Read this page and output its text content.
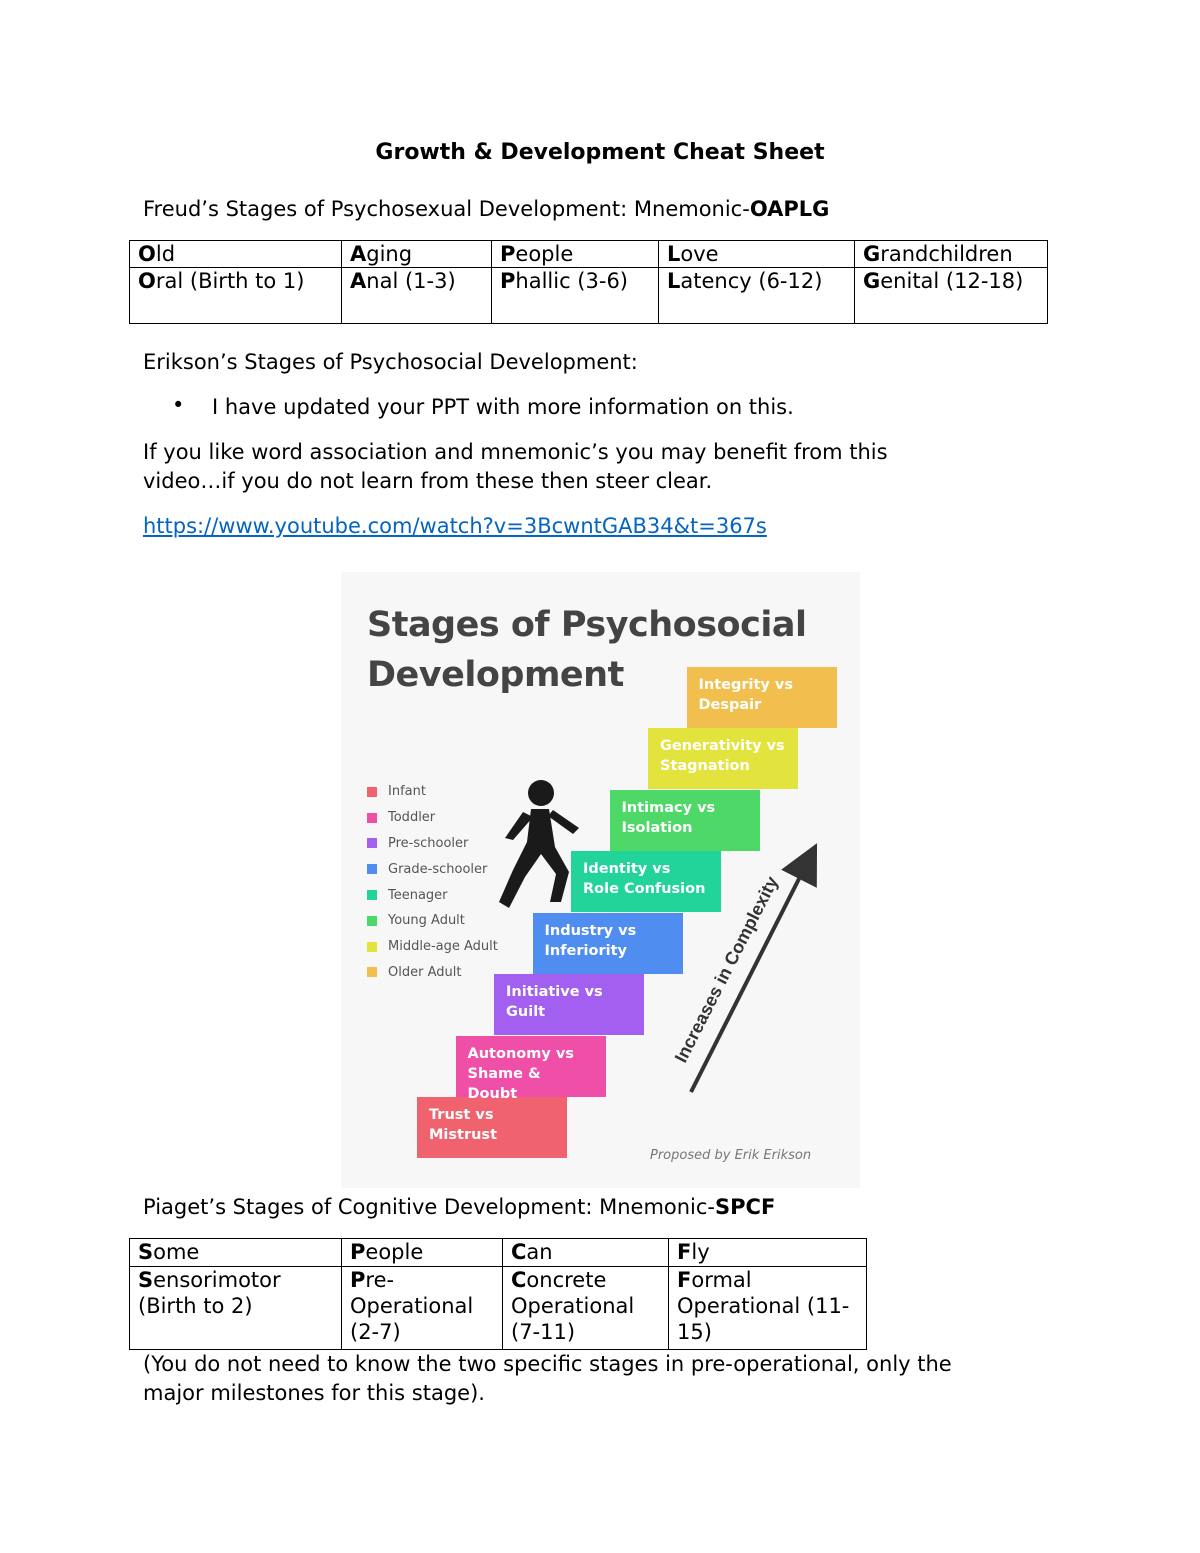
Growth & Development Cheat Sheet
Freud’s Stages of Psychosexual Development: Mnemonic-OAPLG
Old	Aging	People	Love	Grandchildren
Oral (Birth to 1)	Anal (1-3)	Phallic (3-6)	Latency (6-12)	Genital (12-18)
Erikson’s Stages of Psychosocial Development:
• I have updated your PPT with more information on this.
If you like word association and mnemonic’s you may benefit from this
video…if you do not learn from these then steer clear.
https://www.youtube.com/watch?v=3BcwntGAB34&t=367s
Stages of Psychosocial
Development
Infant
Toddler
Pre-schooler
Grade-schooler
Teenager
Young Adult
Middle-age Adult
Older Adult
Trust vs
Mistrust
Autonomy vs
Shame & Doubt
Initiative vs
Guilt
Industry vs
Inferiority
Identity vs
Role Confusion
Intimacy vs
Isolation
Generativity vs
Stagnation
Integrity vs
Despair
Increases in Complexity
Proposed by Erik Erikson
Piaget’s Stages of Cognitive Development: Mnemonic-SPCF
Some	People	Can	Fly
Sensorimotor (Birth to 2)	Pre-Operational (2-7)	Concrete Operational (7-11)	Formal Operational (11-15)
(You do not need to know the two specific stages in pre-operational, only the
major milestones for this stage).
